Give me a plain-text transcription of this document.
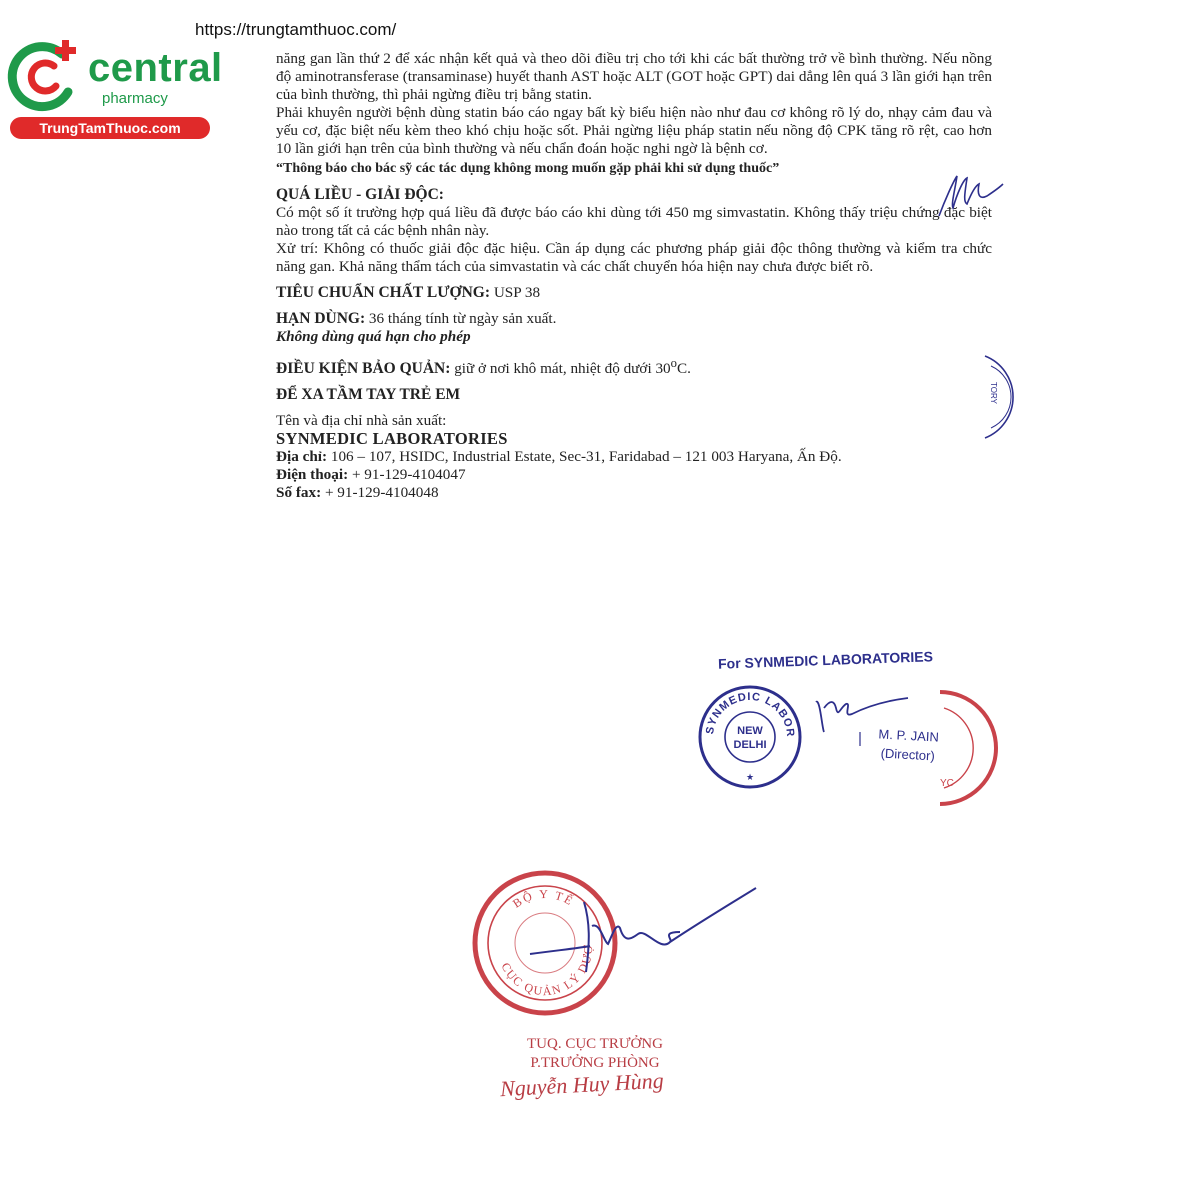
https://trungtamthuoc.com/
central
pharmacy
TrungTamThuoc.com

năng gan lần thứ 2 để xác nhận kết quả và theo dõi điều trị cho tới khi các bất thường trở về bình thường. Nếu nồng độ aminotransferase (transaminase) huyết thanh AST hoặc ALT (GOT hoặc GPT) dai dẳng lên quá 3 lần giới hạn trên của bình thường, thì phải ngừng điều trị bằng statin.

Phải khuyên người bệnh dùng statin báo cáo ngay bất kỳ biểu hiện nào như đau cơ không rõ lý do, nhạy cảm đau và yếu cơ, đặc biệt nếu kèm theo khó chịu hoặc sốt. Phải ngừng liệu pháp statin nếu nồng độ CPK tăng rõ rệt, cao hơn 10 lần giới hạn trên của bình thường và nếu chẩn đoán hoặc nghi ngờ là bệnh cơ.

“Thông báo cho bác sỹ các tác dụng không mong muốn gặp phải khi sử dụng thuốc”

QUÁ LIỀU - GIẢI ĐỘC:

Có một số ít trường hợp quá liều đã được báo cáo khi dùng tới 450 mg simvastatin. Không thấy triệu chứng đặc biệt nào trong tất cả các bệnh nhân này.

Xử trí: Không có thuốc giải độc đặc hiệu. Cần áp dụng các phương pháp giải độc thông thường và kiểm tra chức năng gan. Khả năng thẩm tách của simvastatin và các chất chuyển hóa hiện nay chưa được biết rõ.

TIÊU CHUẨN CHẤT LƯỢNG: USP 38

HẠN DÙNG: 36 tháng tính từ ngày sản xuất.

Không dùng quá hạn cho phép

ĐIỀU KIỆN BẢO QUẢN: giữ ở nơi khô mát, nhiệt độ dưới 30$^o$C.

ĐỂ XA TẦM TAY TRẺ EM

Tên và địa chỉ nhà sản xuất:

SYNMEDIC LABORATORIES

Địa chỉ: 106 – 107, HSIDC, Industrial Estate, Sec-31, Faridabad – 121 003 Haryana, Ấn Độ.

Điện thoại: + 91-129-4104047

Số fax: + 91-129-4104048

TORY
For SYNMEDIC LABORATORIES
SYNMEDIC LABORATORIES
NEW
DELHI
★
M. P. JAIN
(Director)
YC
BỘ Y TẾ
CỤC QUẢN LÝ DƯỢC
TUQ. CỤC TRƯỞNG
P.TRƯỞNG PHÒNG
Nguyễn Huy Hùng
